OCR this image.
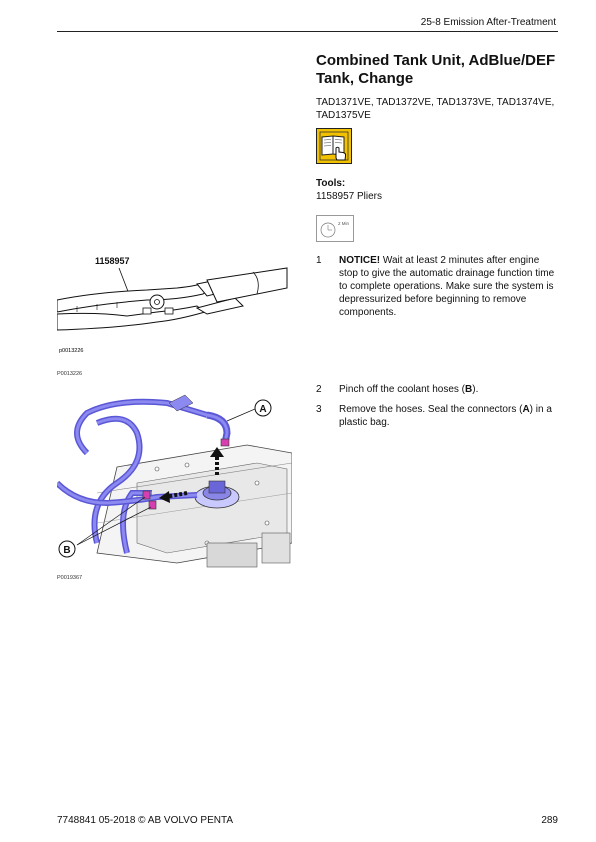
25-8 Emission After-Treatment
Combined Tank Unit, AdBlue/DEF Tank, Change
TAD1371VE, TAD1372VE, TAD1373VE, TAD1374VE, TAD1375VE
Tools:
1158957 Pliers
2 Min
1158957
p0013226
P0013226
A
B
P0019367
1 NOTICE! Wait at least 2 minutes after engine stop to give the automatic drainage function time to complete operations. Make sure the system is depressurized before beginning to remove components.
2 Pinch off the coolant hoses (B).
3 Remove the hoses. Seal the connectors (A) in a plastic bag.
7748841 05-2018 © AB VOLVO PENTA	289
